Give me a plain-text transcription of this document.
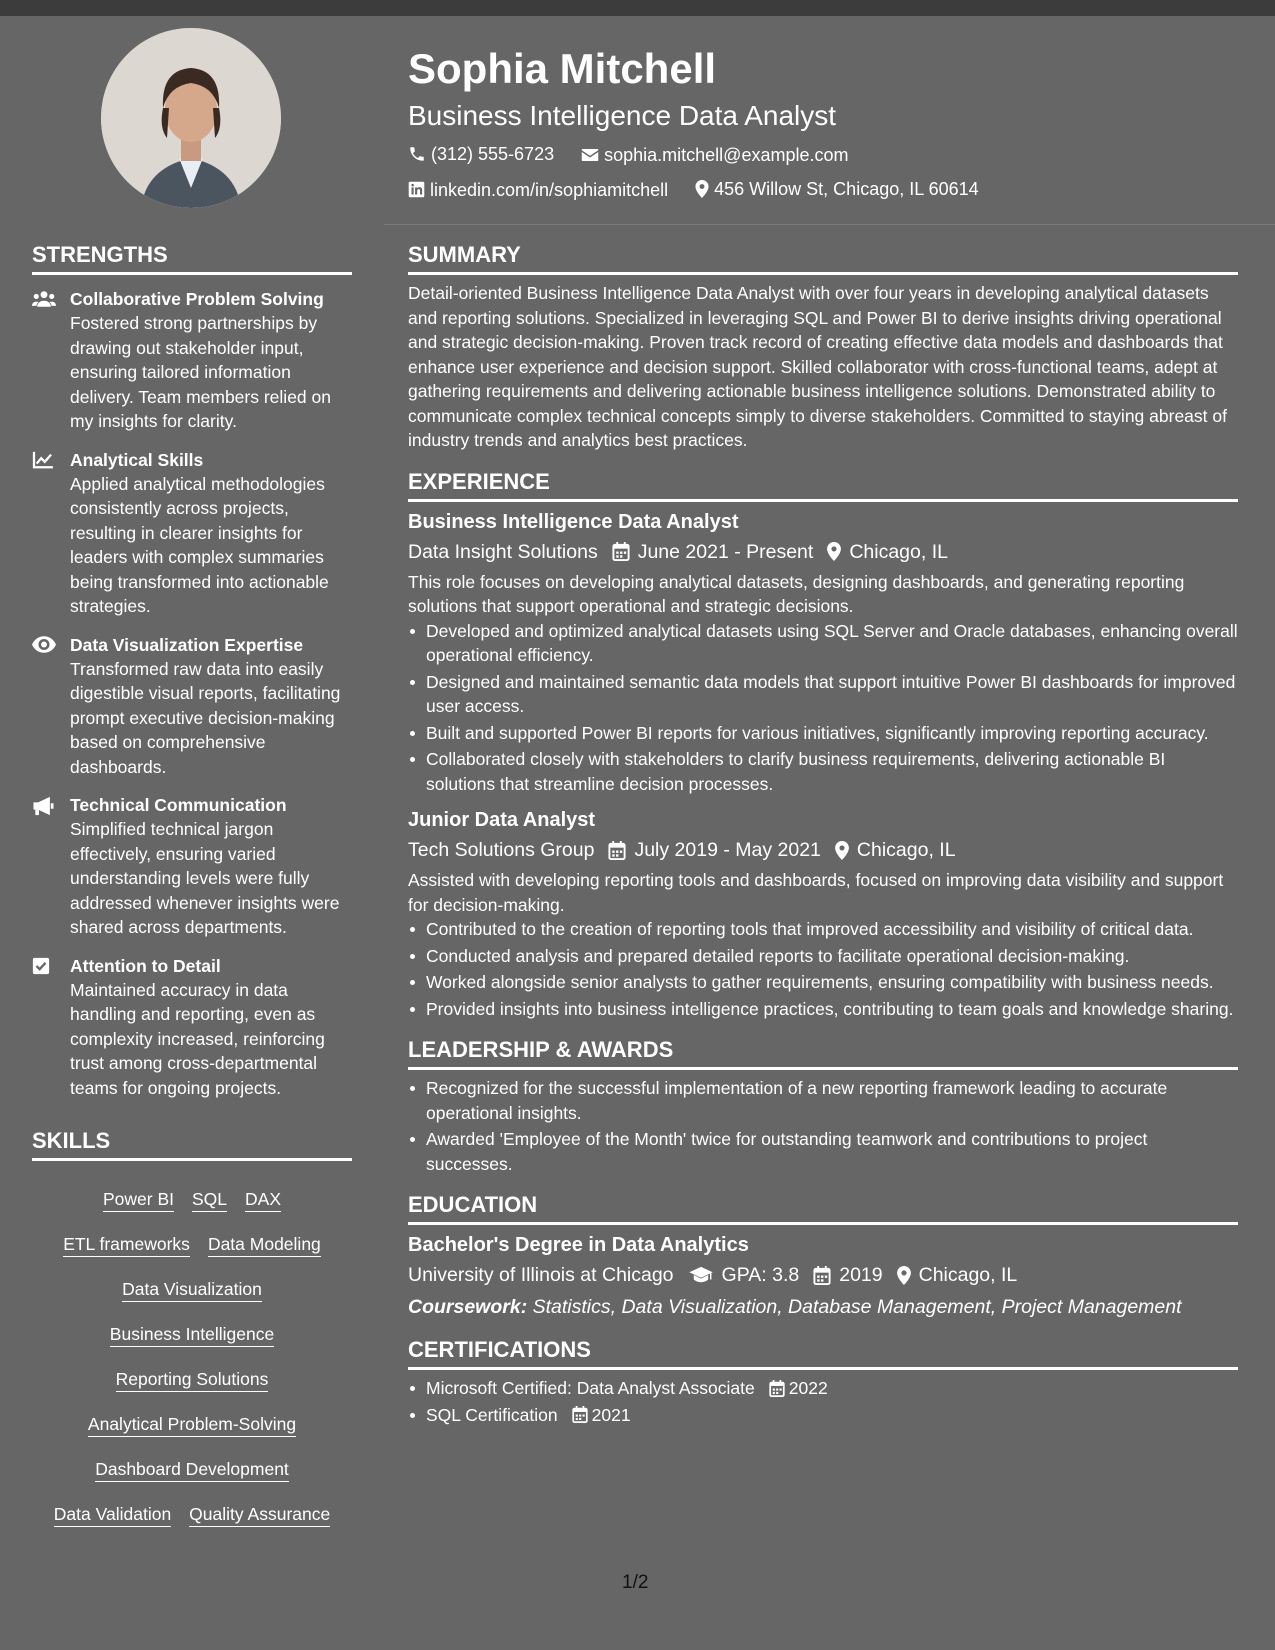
Sophia Mitchell
Business Intelligence Data Analyst
(312) 555-6723
	sophia.mitchell@example.com
linkedin.com/in/sophiamitchell
	456 Willow St, Chicago, IL 60614
STRENGTHS
Collaborative Problem Solving
Fostered strong partnerships by drawing out stakeholder input, ensuring tailored information delivery. Team members relied on my insights for clarity.
Analytical Skills
Applied analytical methodologies consistently across projects, resulting in clearer insights for leaders with complex summaries being transformed into actionable strategies.
Data Visualization Expertise
Transformed raw data into easily digestible visual reports, facilitating prompt executive decision-making based on comprehensive dashboards.
Technical Communication
Simplified technical jargon effectively, ensuring varied understanding levels were fully addressed whenever insights were shared across departments.
Attention to Detail
Maintained accuracy in data handling and reporting, even as complexity increased, reinforcing trust among cross-departmental teams for ongoing projects.
SKILLS
Power BI SQL DAX
ETL frameworks Data Modeling
Data Visualization
Business Intelligence
Reporting Solutions
Analytical Problem-Solving
Dashboard Development
Data Validation Quality Assurance
SUMMARY

Detail-oriented Business Intelligence Data Analyst with over four years in developing analytical datasets and reporting solutions. Specialized in leveraging SQL and Power BI to derive insights driving operational and strategic decision-making. Proven track record of creating effective data models and dashboards that enhance user experience and decision support. Skilled collaborator with cross-functional teams, adept at gathering requirements and delivering actionable business intelligence solutions. Demonstrated ability to communicate complex technical concepts simply to diverse stakeholders. Committed to staying abreast of industry trends and analytics best practices.

EXPERIENCE
Business Intelligence Data Analyst
Data Insight Solutions June 2021 - Present Chicago, IL

This role focuses on developing analytical datasets, designing dashboards, and generating reporting solutions that support operational and strategic decisions.

Developed and optimized analytical datasets using SQL Server and Oracle databases, enhancing overall operational efficiency.
Designed and maintained semantic data models that support intuitive Power BI dashboards for improved user access.
Built and supported Power BI reports for various initiatives, significantly improving reporting accuracy.
Collaborated closely with stakeholders to clarify business requirements, delivering actionable BI solutions that streamline decision processes.
Junior Data Analyst
Tech Solutions Group July 2019 - May 2021 Chicago, IL

Assisted with developing reporting tools and dashboards, focused on improving data visibility and support for decision-making.

Contributed to the creation of reporting tools that improved accessibility and visibility of critical data.
Conducted analysis and prepared detailed reports to facilitate operational decision-making.
Worked alongside senior analysts to gather requirements, ensuring compatibility with business needs.
Provided insights into business intelligence practices, contributing to team goals and knowledge sharing.
LEADERSHIP & AWARDS
Recognized for the successful implementation of a new reporting framework leading to accurate operational insights.
Awarded 'Employee of the Month' twice for outstanding teamwork and contributions to project successes.
EDUCATION
Bachelor's Degree in Data Analytics
University of Illinois at Chicago GPA: 3.8 2019 Chicago, IL
Coursework: Statistics, Data Visualization, Database Management, Project Management
CERTIFICATIONS
Microsoft Certified: Data Analyst Associate 2022
SQL Certification 2021
1/2
